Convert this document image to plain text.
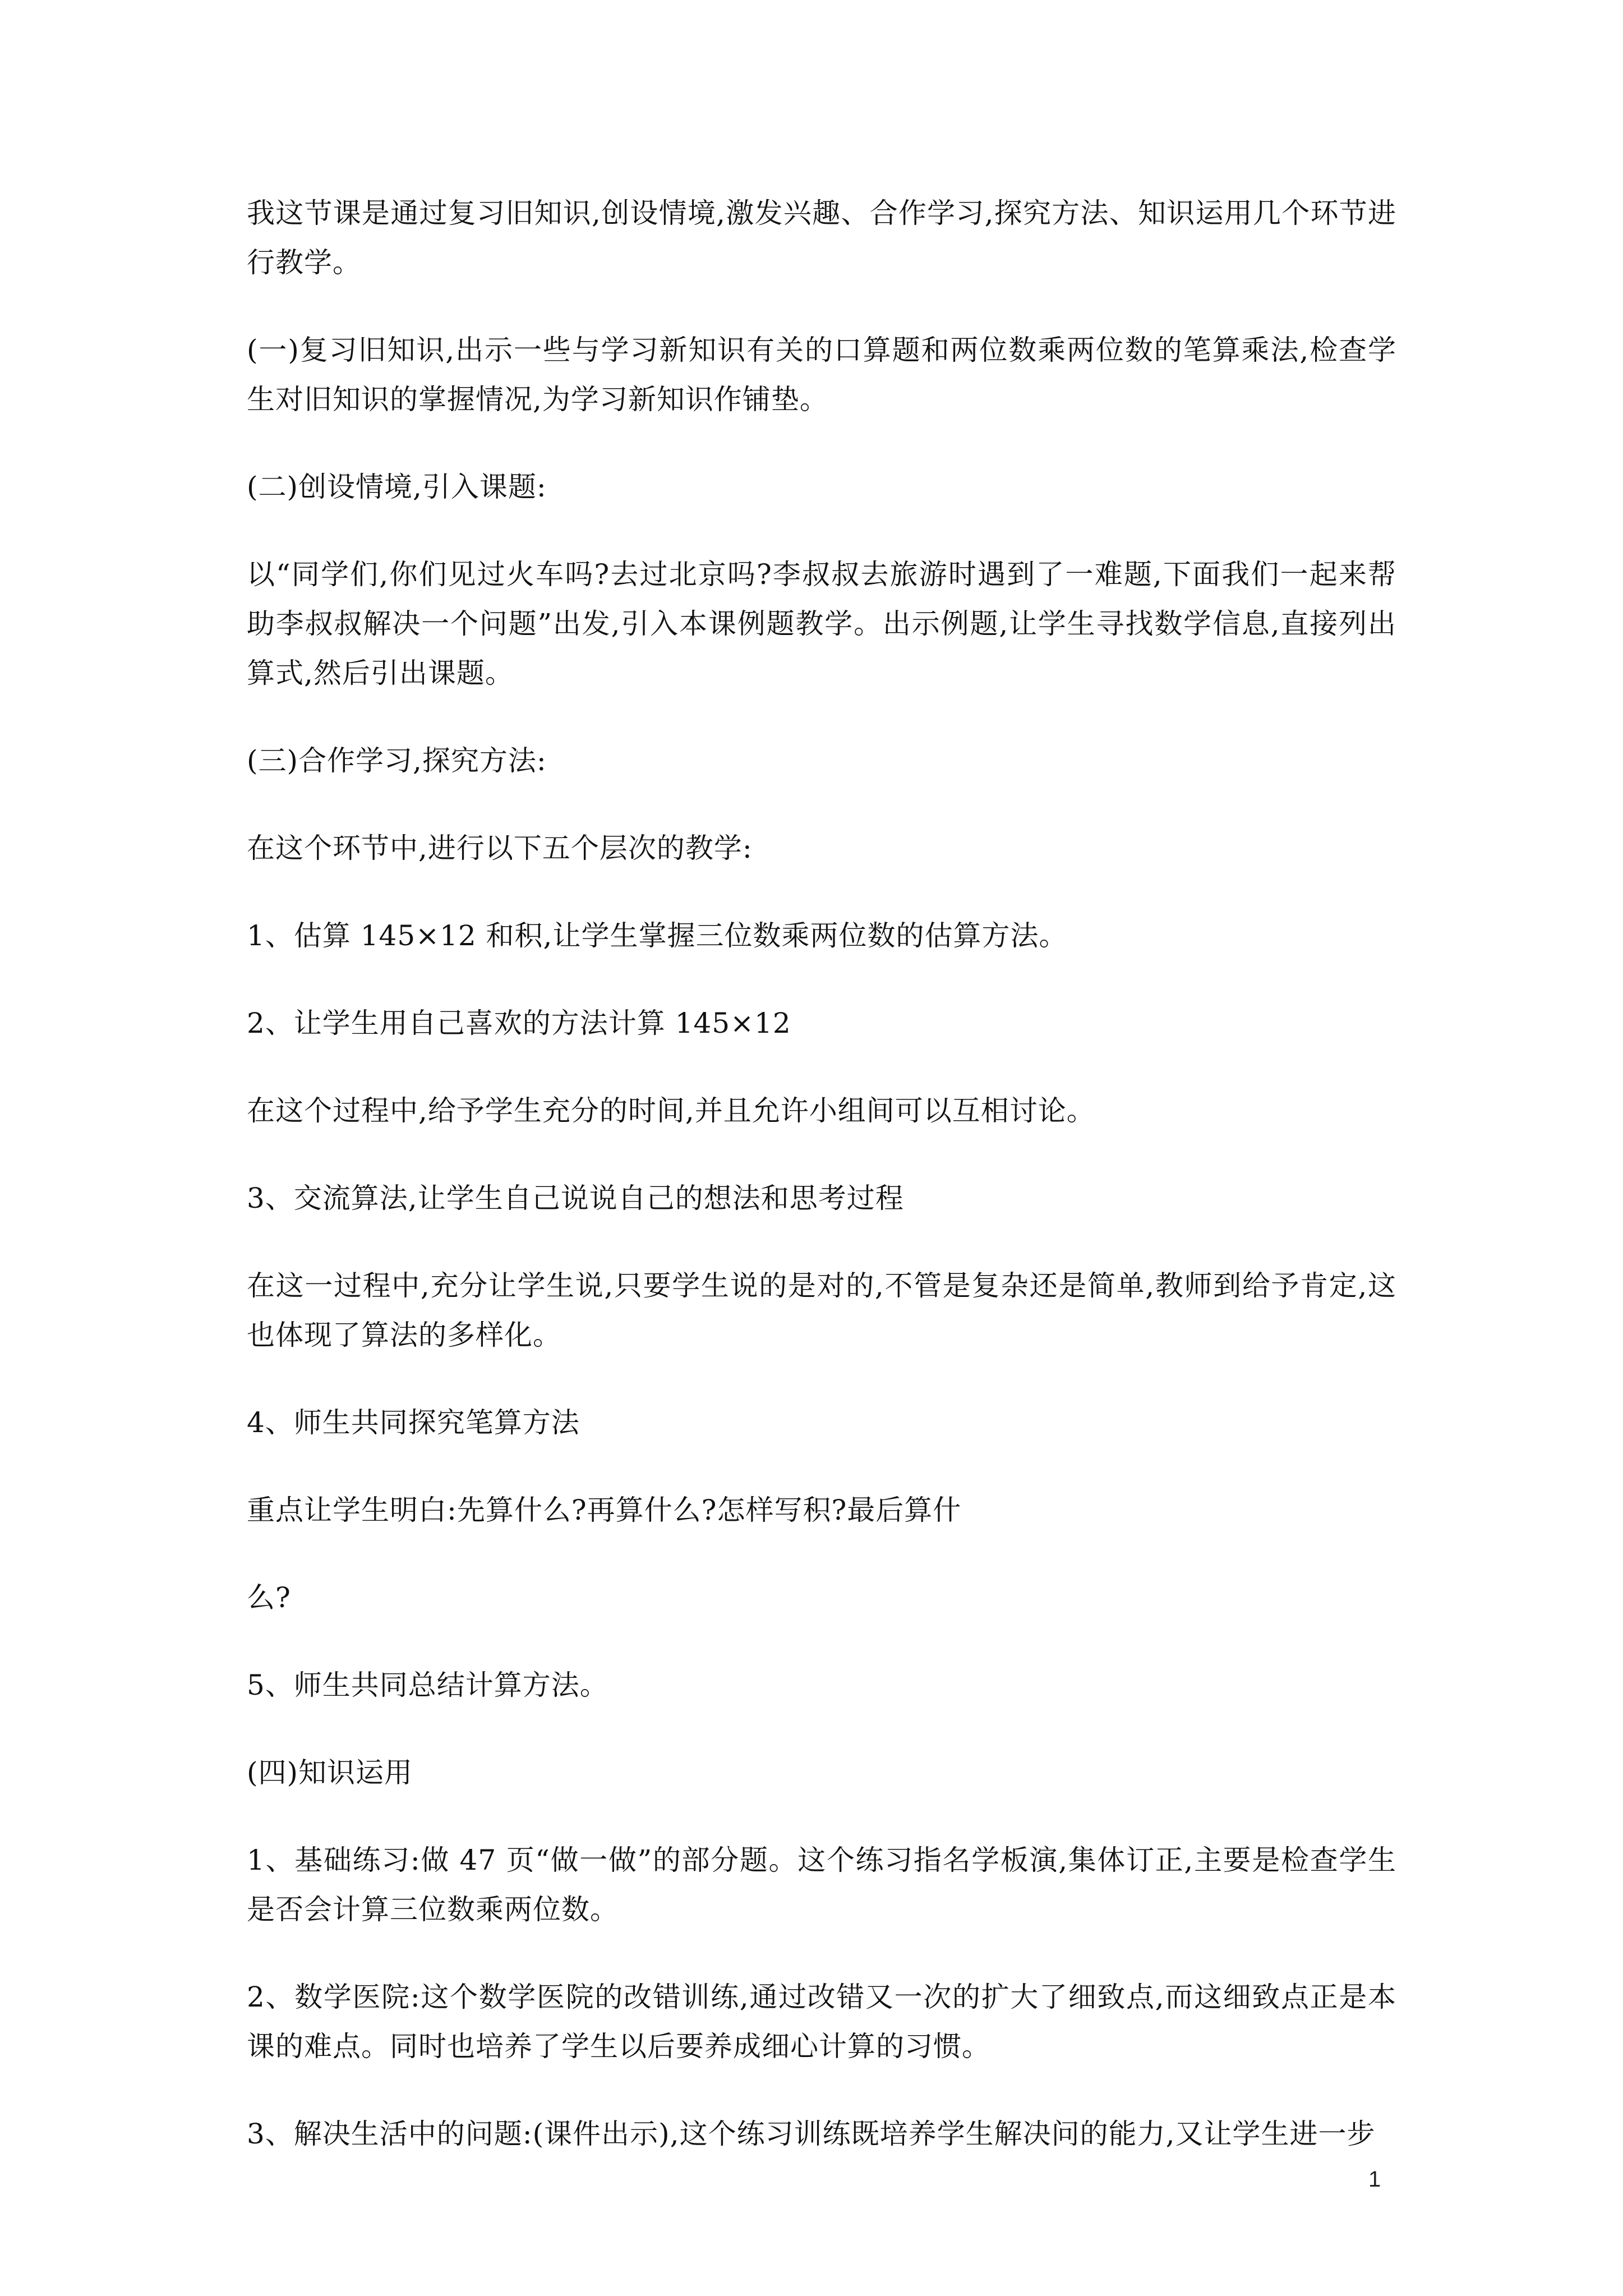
我这节课是通过复习旧知识,创设情境,激发兴趣、合作学习,探究方法、知识运用几个环节进行教学。

(一)复习旧知识,出示一些与学习新知识有关的口算题和两位数乘两位数的笔算乘法,检查学生对旧知识的掌握情况,为学习新知识作铺垫。

(二)创设情境,引入课题:

以“同学们,你们见过火车吗?去过北京吗?李叔叔去旅游时遇到了一难题,下面我们一起来帮助李叔叔解决一个问题”出发,引入本课例题教学。出示例题,让学生寻找数学信息,直接列出算式,然后引出课题。

(三)合作学习,探究方法:

在这个环节中,进行以下五个层次的教学:

1、估算 145×12 和积,让学生掌握三位数乘两位数的估算方法。

2、让学生用自己喜欢的方法计算 145×12

在这个过程中,给予学生充分的时间,并且允许小组间可以互相讨论。

3、交流算法,让学生自己说说自己的想法和思考过程

在这一过程中,充分让学生说,只要学生说的是对的,不管是复杂还是简单,教师到给予肯定,这也体现了算法的多样化。

4、师生共同探究笔算方法

重点让学生明白:先算什么?再算什么?怎样写积?最后算什

么?

5、师生共同总结计算方法。

(四)知识运用

1、基础练习:做 47 页“做一做”的部分题。这个练习指名学板演,集体订正,主要是检查学生是否会计算三位数乘两位数。

2、数学医院:这个数学医院的改错训练,通过改错又一次的扩大了细致点,而这细致点正是本课的难点。同时也培养了学生以后要养成细心计算的习惯。

3、解决生活中的问题:(课件出示),这个练习训练既培养学生解决问的能力,又让学生进一步

1
